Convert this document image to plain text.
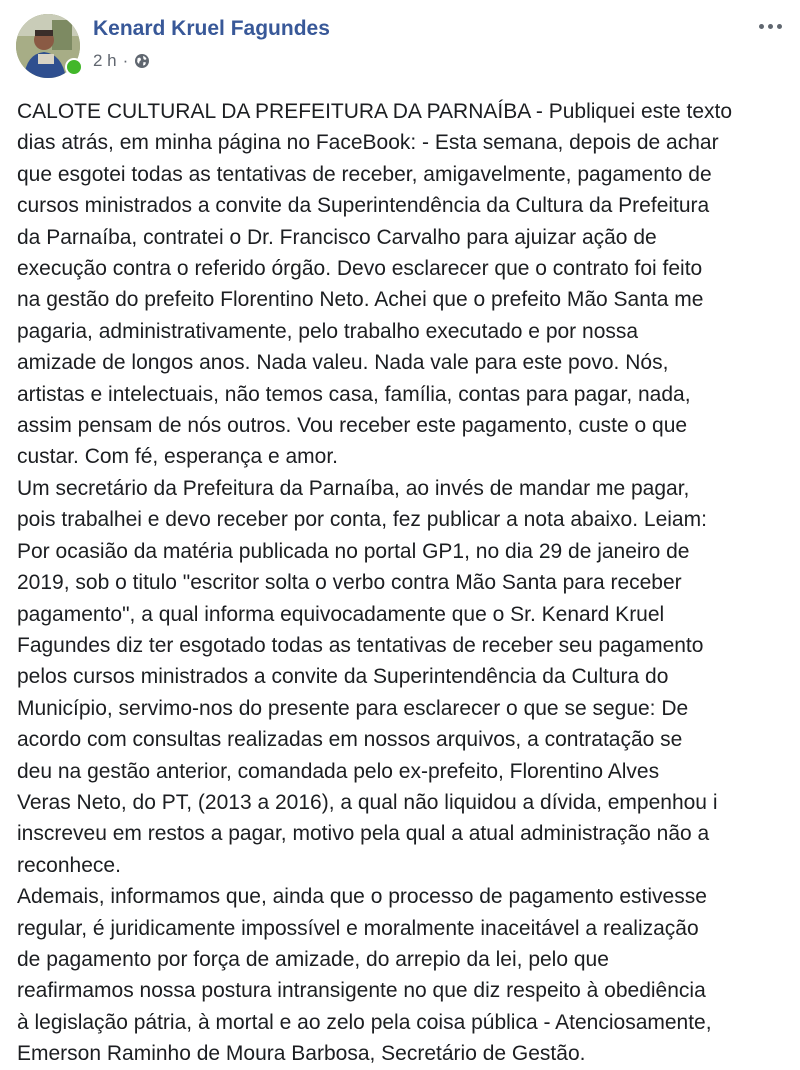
Kenard Kruel Fagundes
2 h ·

CALOTE CULTURAL DA PREFEITURA DA PARNAÍBA - Publiquei este texto

dias atrás, em minha página no FaceBook: - Esta semana, depois de achar

que esgotei todas as tentativas de receber, amigavelmente, pagamento de

cursos ministrados a convite da Superintendência da Cultura da Prefeitura

da Parnaíba, contratei o Dr. Francisco Carvalho para ajuizar ação de

execução contra o referido órgão. Devo esclarecer que o contrato foi feito

na gestão do prefeito Florentino Neto. Achei que o prefeito Mão Santa me

pagaria, administrativamente, pelo trabalho executado e por nossa

amizade de longos anos. Nada valeu. Nada vale para este povo. Nós,

artistas e intelectuais, não temos casa, família, contas para pagar, nada,

assim pensam de nós outros. Vou receber este pagamento, custe o que

custar. Com fé, esperança e amor.

Um secretário da Prefeitura da Parnaíba, ao invés de mandar me pagar,

pois trabalhei e devo receber por conta, fez publicar a nota abaixo. Leiam:

Por ocasião da matéria publicada no portal GP1, no dia 29 de janeiro de

2019, sob o titulo "escritor solta o verbo contra Mão Santa para receber

pagamento", a qual informa equivocadamente que o Sr. Kenard Kruel

Fagundes diz ter esgotado todas as tentativas de receber seu pagamento

pelos cursos ministrados a convite da Superintendência da Cultura do

Município, servimo-nos do presente para esclarecer o que se segue: De

acordo com consultas realizadas em nossos arquivos, a contratação se

deu na gestão anterior, comandada pelo ex-prefeito, Florentino Alves

Veras Neto, do PT, (2013 a 2016), a qual não liquidou a dívida, empenhou i

inscreveu em restos a pagar, motivo pela qual a atual administração não a

reconhece.

Ademais, informamos que, ainda que o processo de pagamento estivesse

regular, é juridicamente impossível e moralmente inaceitável a realização

de pagamento por força de amizade, do arrepio da lei, pelo que

reafirmamos nossa postura intransigente no que diz respeito à obediência

à legislação pátria, à mortal e ao zelo pela coisa pública - Atenciosamente,

Emerson Raminho de Moura Barbosa, Secretário de Gestão.
